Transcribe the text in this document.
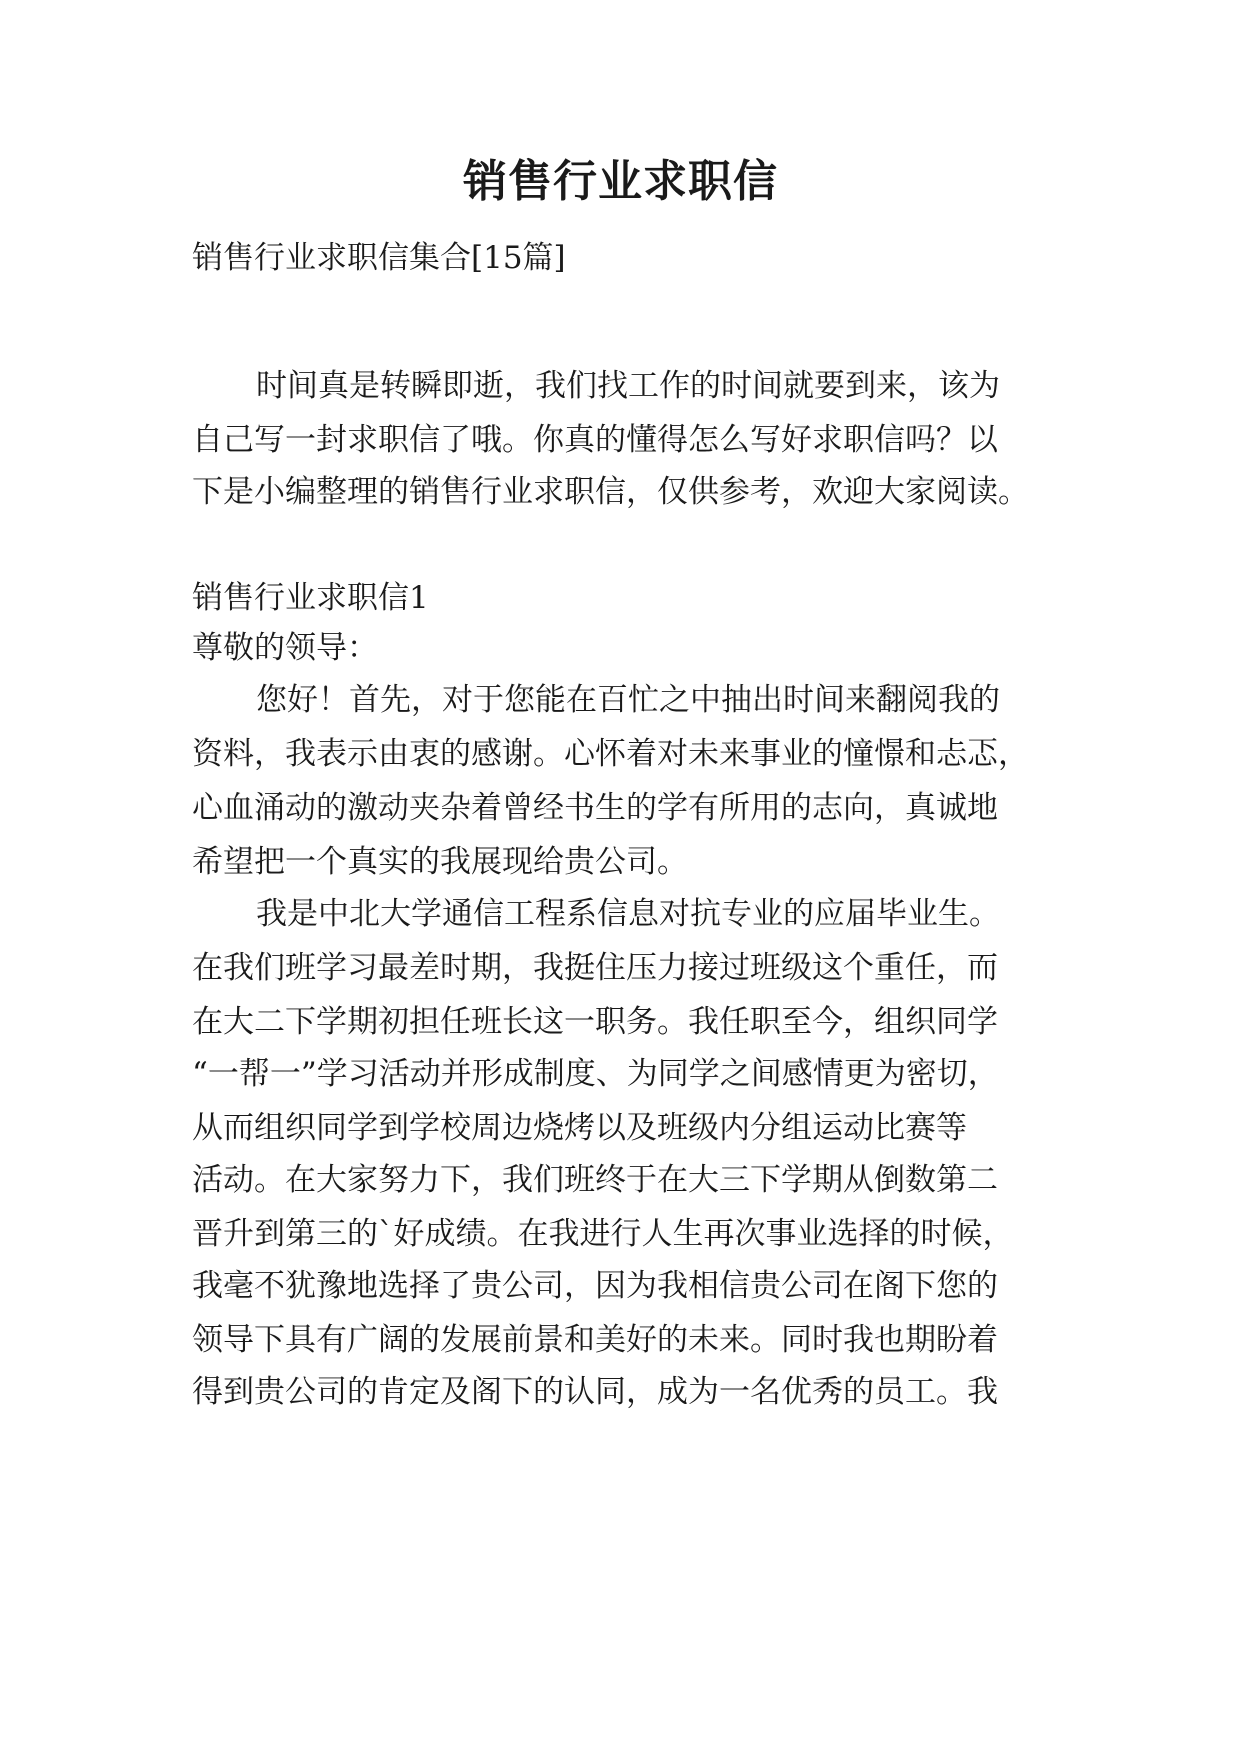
销售行业求职信
销售行业求职信集合[15篇]
时间真是转瞬即逝，我们找工作的时间就要到来，该为
自己写一封求职信了哦。你真的懂得怎么写好求职信吗？以
下是小编整理的销售行业求职信，仅供参考，欢迎大家阅读。
销售行业求职信1
尊敬的领导：
您好！首先，对于您能在百忙之中抽出时间来翻阅我的
资料，我表示由衷的感谢。心怀着对未来事业的憧憬和忐忑，
心血涌动的激动夹杂着曾经书生的学有所用的志向，真诚地
希望把一个真实的我展现给贵公司。
我是中北大学通信工程系信息对抗专业的应届毕业生。
在我们班学习最差时期，我挺住压力接过班级这个重任，而
在大二下学期初担任班长这一职务。我任职至今，组织同学
“一帮一”学习活动并形成制度、为同学之间感情更为密切，
从而组织同学到学校周边烧烤以及班级内分组运动比赛等
活动。在大家努力下，我们班终于在大三下学期从倒数第二
晋升到第三的`好成绩。在我进行人生再次事业选择的时候，
我毫不犹豫地选择了贵公司，因为我相信贵公司在阁下您的
领导下具有广阔的发展前景和美好的未来。同时我也期盼着
得到贵公司的肯定及阁下的认同，成为一名优秀的员工。我
